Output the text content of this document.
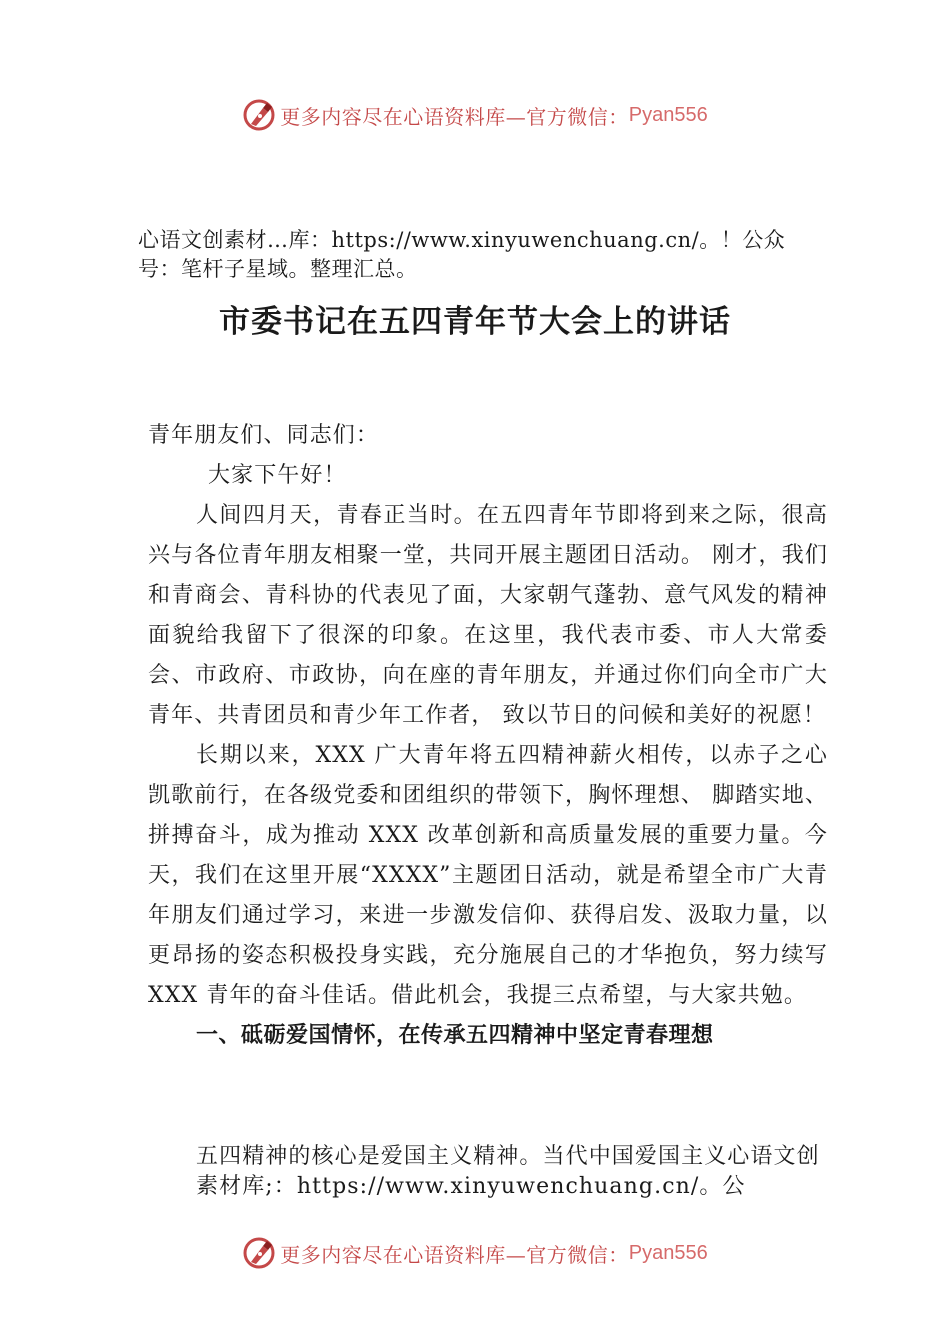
更多内容尽在心语资料库—官方微信： Pyan556

心语文创素材…库：https://www.xinyuwenchuang.cn/。！公众号：笔杆子星域。整理汇总。

市委书记在五四青年节大会上的讲话

青年朋友们、同志们：

大家下午好！

人间四月天，青春正当时。在五四青年节即将到来之际，很高兴与各位青年朋友相聚一堂，共同开展主题团日活动。 刚才，我们和青商会、青科协的代表见了面，大家朝气蓬勃、意气风发的精神面貌给我留下了很深的印象。在这里，我代表市委、市人大常委会、市政府、市政协，向在座的青年朋友，并通过你们向全市广大青年、共青团员和青少年工作者， 致以节日的问候和美好的祝愿！

长期以来，XXX 广大青年将五四精神薪火相传，以赤子之心凯歌前行，在各级党委和团组织的带领下，胸怀理想、 脚踏实地、拼搏奋斗，成为推动 XXX 改革创新和高质量发展的重要力量。今天，我们在这里开展“XXXX”主题团日活动，就是希望全市广大青年朋友们通过学习，来进一步激发信仰、获得启发、汲取力量，以更昂扬的姿态积极投身实践，充分施展自己的才华抱负，努力续写 XXX 青年的奋斗佳话。借此机会，我提三点希望，与大家共勉。

一、砥砺爱国情怀，在传承五四精神中坚定青春理想

五四精神的核心是爱国主义精神。当代中国爱国主义心语文创素材库;：https://www.xinyuwenchuang.cn/。公

更多内容尽在心语资料库—官方微信： Pyan556
